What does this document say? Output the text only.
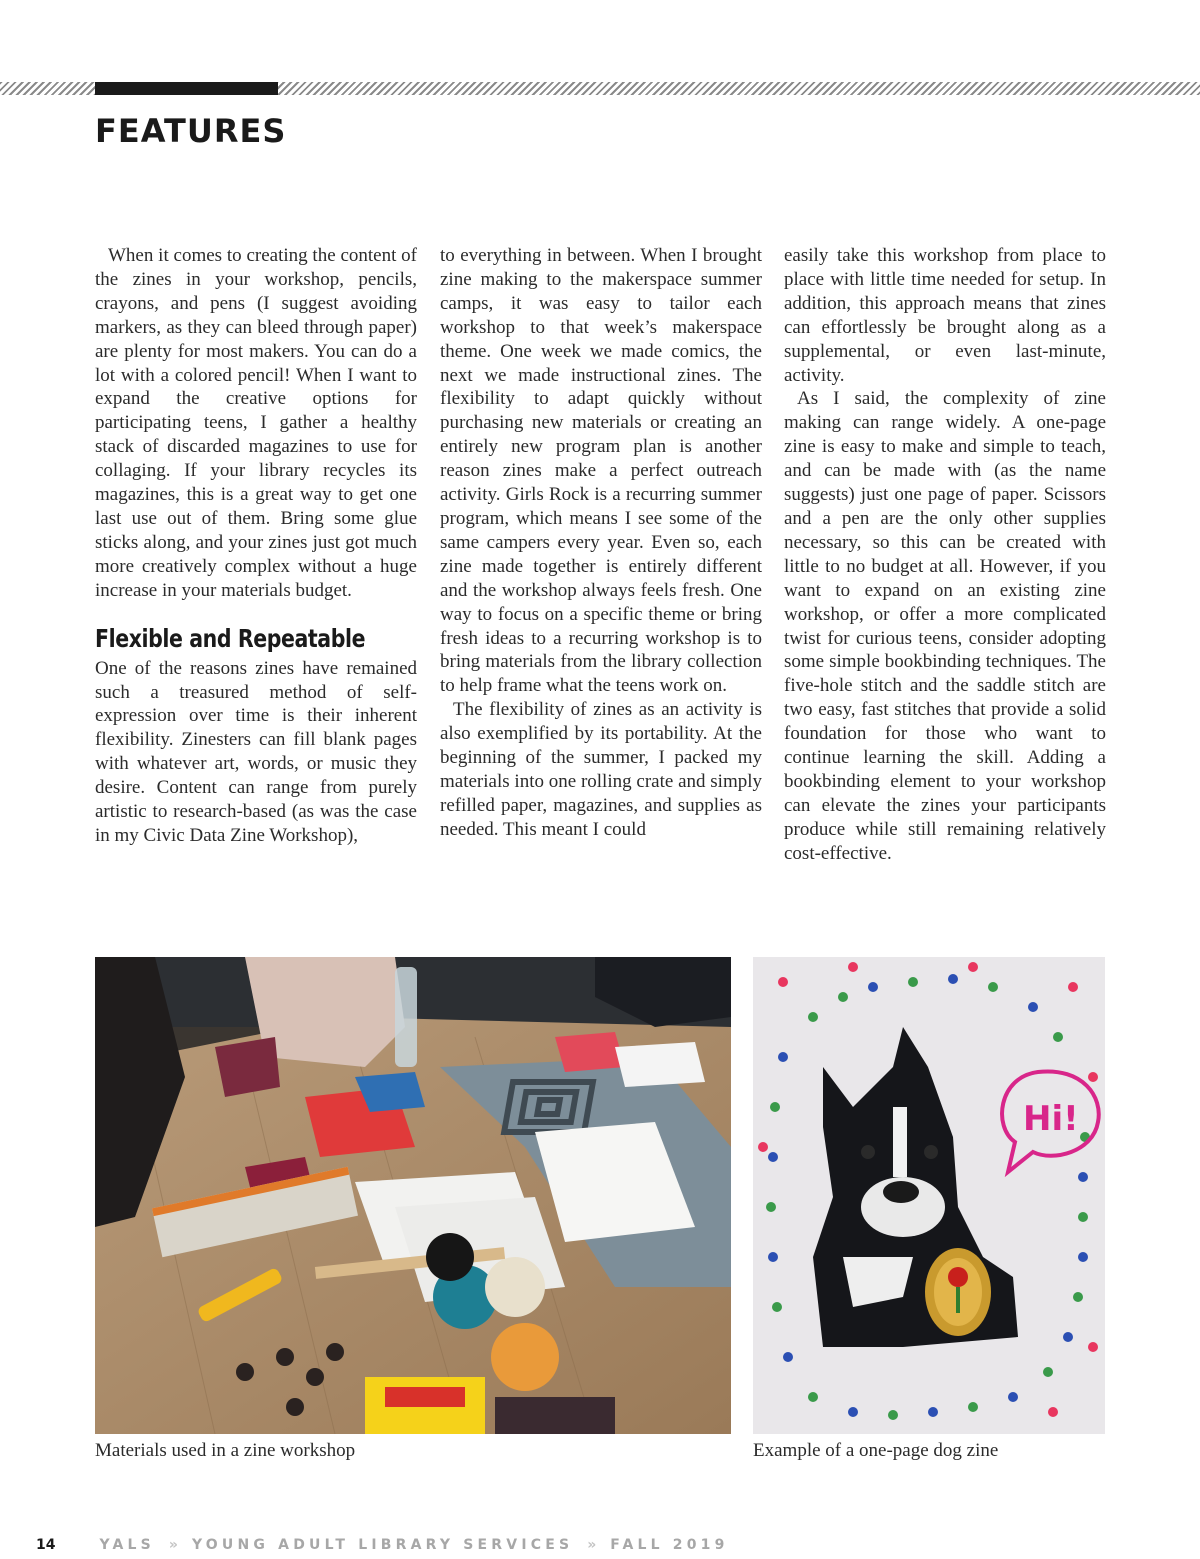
FEATURES

When it comes to creating the content of the zines in your workshop, pencils, crayons, and pens (I suggest avoiding markers, as they can bleed through paper) are plenty for most makers. You can do a lot with a colored pencil! When I want to expand the creative options for participating teens, I gather a healthy stack of discarded magazines to use for collaging. If your library recycles its magazines, this is a great way to get one last use out of them. Bring some glue sticks along, and your zines just got much more creatively complex without a huge increase in your materials budget.

Flexible and Repeatable

One of the reasons zines have remained such a treasured method of self-expression over time is their inherent flexibility. Zinesters can fill blank pages with whatever art, words, or music they desire. Content can range from purely artistic to research-based (as was the case in my Civic Data Zine Workshop),

to everything in between. When I brought zine making to the makerspace summer camps, it was easy to tailor each workshop to that week’s makerspace theme. One week we made comics, the next we made instructional zines. The flexibility to adapt quickly without purchasing new materials or creating an entirely new program plan is another reason zines make a perfect outreach activity. Girls Rock is a recurring summer program, which means I see some of the same campers every year. Even so, each zine made together is entirely different and the workshop always feels fresh. One way to focus on a specific theme or bring fresh ideas to a recurring workshop is to bring materials from the library collection to help frame what the teens work on.

The flexibility of zines as an activity is also exemplified by its portability. At the beginning of the summer, I packed my materials into one rolling crate and simply refilled paper, magazines, and supplies as needed. This meant I could

easily take this workshop from place to place with little time needed for setup. In addition, this approach means that zines can effortlessly be brought along as a supplemental, or even last-minute, activity.

As I said, the complexity of zine making can range widely. A one-page zine is easy to make and simple to teach, and can be made with (as the name suggests) just one page of paper. Scissors and a pen are the only other supplies necessary, so this can be created with little to no budget at all. However, if you want to expand on an existing zine workshop, or offer a more complicated twist for curious teens, consider adopting some simple bookbinding techniques. The five-hole stitch and the saddle stitch are two easy, fast stitches that provide a solid foundation for those who want to continue learning the skill. Adding a bookbinding element to your workshop can elevate the zines your participants produce while still remaining relatively cost-effective.

Hi!
Materials used in a zine workshop	Example of a one-page dog zine
14	YALS » YOUNG ADULT LIBRARY SERVICES » FALL 2019
